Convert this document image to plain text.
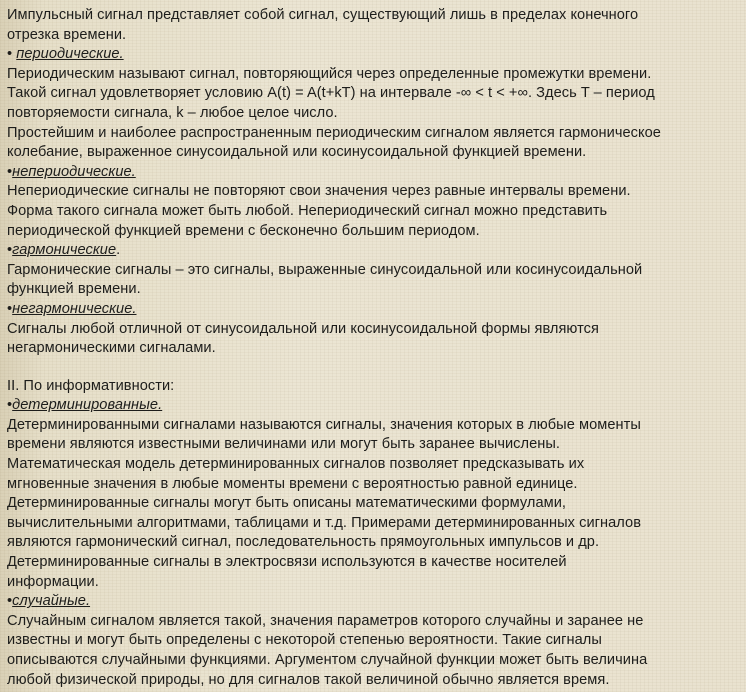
Импульсный сигнал представляет собой сигнал, существующий лишь в пределах конечного
отрезка времени.
• периодические.
Периодическим называют сигнал, повторяющийся через определенные промежутки времени.
Такой сигнал удовлетворяет условию A(t) = A(t+kT) на интервале -∞ < t < +∞. Здесь T – период
повторяемости сигнала, k – любое целое число.
Простейшим и наиболее распространенным периодическим сигналом является гармоническое
колебание, выраженное синусоидальной или косинусоидальной функцией времени.
•непериодические.
Непериодические сигналы не повторяют свои значения через равные интервалы времени.
Форма такого сигнала может быть любой. Непериодический сигнал можно представить
периодической функцией времени с бесконечно большим периодом.
•гармонические.
Гармонические сигналы – это сигналы, выраженные синусоидальной или косинусоидальной
функцией времени.
•негармонические.
Сигналы любой отличной от синусоидальной или косинусоидальной формы являются
негармоническими сигналами.
II. По информативности:
•детерминированные.
Детерминированными сигналами называются сигналы, значения которых в любые моменты
времени являются известными величинами или могут быть заранее вычислены.
Математическая модель детерминированных сигналов позволяет предсказывать их
мгновенные значения в любые моменты времени с вероятностью равной единице.
Детерминированные сигналы могут быть описаны математическими формулами,
вычислительными алгоритмами, таблицами и т.д. Примерами детерминированных сигналов
являются гармонический сигнал, последовательность прямоугольных импульсов и др.
Детерминированные сигналы в электросвязи используются в качестве носителей
информации.
•случайные.
Случайным сигналом является такой, значения параметров которого случайны и заранее не
известны и могут быть определены с некоторой степенью вероятности. Такие сигналы
описываются случайными функциями. Аргументом случайной функции может быть величина
любой физической природы, но для сигналов такой величиной обычно является время.
